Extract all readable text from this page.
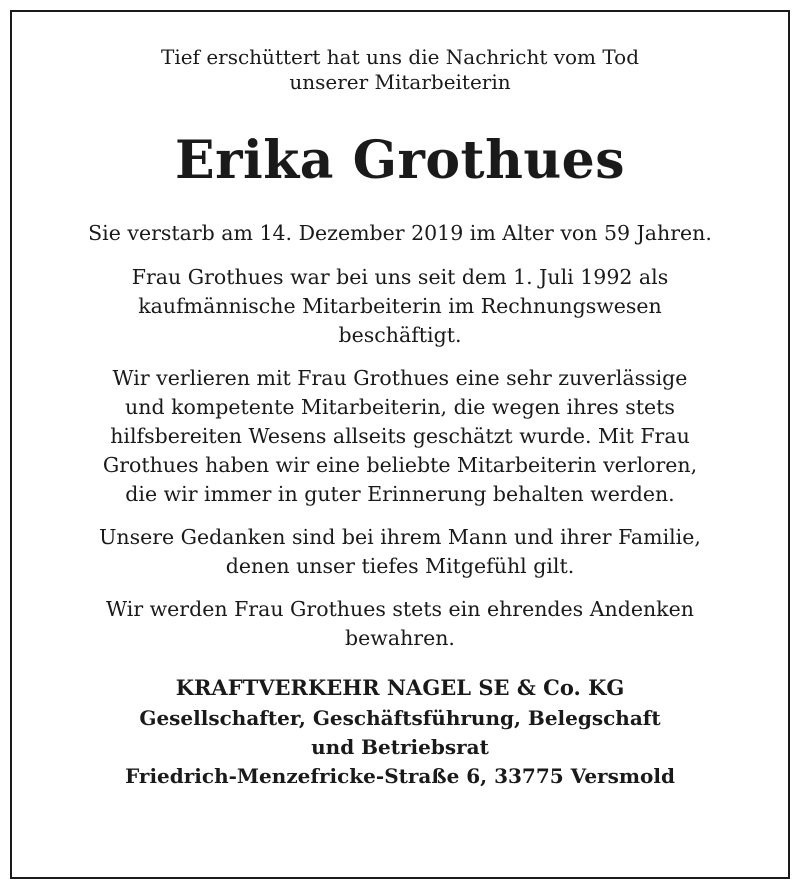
Tief erschüttert hat uns die Nachricht vom Tod
unserer Mitarbeiterin

Erika Grothues

Sie verstarb am 14. Dezember 2019 im Alter von 59 Jahren.

Frau Grothues war bei uns seit dem 1. Juli 1992 als
kaufmännische Mitarbeiterin im Rechnungswesen
beschäftigt.

Wir verlieren mit Frau Grothues eine sehr zuverlässige
und kompetente Mitarbeiterin, die wegen ihres stets
hilfsbereiten Wesens allseits geschätzt wurde. Mit Frau
Grothues haben wir eine beliebte Mitarbeiterin verloren,
die wir immer in guter Erinnerung behalten werden.

Unsere Gedanken sind bei ihrem Mann und ihrer Familie,
denen unser tiefes Mitgefühl gilt.

Wir werden Frau Grothues stets ein ehrendes Andenken
bewahren.

KRAFTVERKEHR NAGEL SE & Co. KG

Gesellschafter, Geschäftsführung, Belegschaft
und Betriebsrat
Friedrich-Menzefricke-Straße 6, 33775 Versmold
